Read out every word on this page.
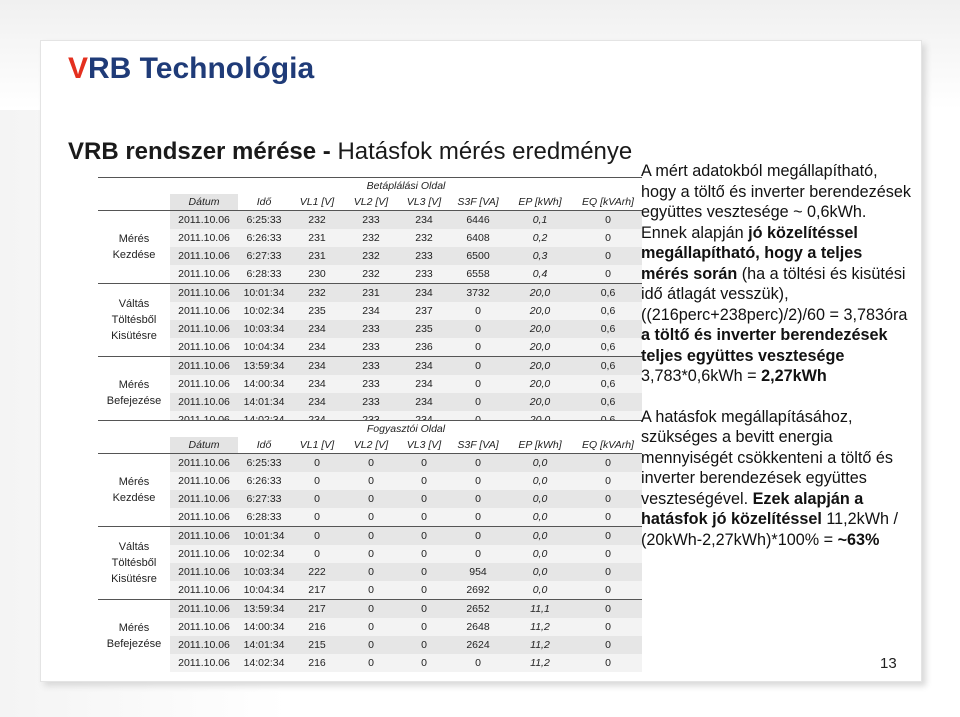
VRB Technológia
VRB rendszer mérése - Hatásfok mérés eredménye
	Betáplálási Oldal							
	Dátum	Idő	VL1 [V]	VL2 [V]	VL3 [V]	S3F [VA]	EP [kWh]	EQ [kVArh]
Mérés
Kezdése	2011.10.06	6:25:33	232	233	234	6446	0,1	0
	2011.10.06	6:26:33	231	232	232	6408	0,2	0
	2011.10.06	6:27:33	231	232	233	6500	0,3	0
	2011.10.06	6:28:33	230	232	233	6558	0,4	0
Váltás
Töltésből
Kisütésre	2011.10.06	10:01:34	232	231	234	3732	20,0	0,6
	2011.10.06	10:02:34	235	234	237	0	20,0	0,6
	2011.10.06	10:03:34	234	233	235	0	20,0	0,6
	2011.10.06	10:04:34	234	233	236	0	20,0	0,6
Mérés
Befejezése	2011.10.06	13:59:34	234	233	234	0	20,0	0,6
	2011.10.06	14:00:34	234	233	234	0	20,0	0,6
	2011.10.06	14:01:34	234	233	234	0	20,0	0,6

	Fogyasztói Oldal							
	Dátum	Idő	VL1 [V]	VL2 [V]	VL3 [V]	S3F [VA]	EP [kWh]	EQ [kVArh]
Mérés
Kezdése	2011.10.06	6:25:33	0	0	0	0	0,0	0
	2011.10.06	6:26:33	0	0	0	0	0,0	0
	2011.10.06	6:27:33	0	0	0	0	0,0	0
	2011.10.06	6:28:33	0	0	0	0	0,0	0
Váltás
Töltésből
Kisütésre	2011.10.06	10:01:34	0	0	0	0	0,0	0
	2011.10.06	10:02:34	0	0	0	0	0,0	0
	2011.10.06	10:03:34	222	0	0	954	0,0	0
	2011.10.06	10:04:34	217	0	0	2692	0,0	0
Mérés
Befejezése	2011.10.06	13:59:34	217	0	0	2652	11,1	0
	2011.10.06	14:00:34	216	0	0	2648	11,2	0
	2011.10.06	14:01:34	215	0	0	2624	11,2	0
	2011.10.06	14:02:34	216	0	0	0	11,2	0

A mért adatokból megállapítható, hogy a töltő és inverter berendezések együttes vesztesége ~ 0,6kWh. Ennek alapján jó közelítéssel megállapítható, hogy a teljes mérés során (ha a töltési és kisütési idő átlagát vesszük), ((216perc+238perc)/2)/60 = 3,783óra a töltő és inverter berendezések teljes együttes vesztesége 3,783*0,6kWh = 2,27kWh

A hatásfok megállapításához, szükséges a bevitt energia mennyiségét csökkenteni a töltő és inverter berendezések együttes veszteségével. Ezek alapján a hatásfok jó közelítéssel 11,2kWh / (20kWh-2,27kWh)*100% = ~63%

13
